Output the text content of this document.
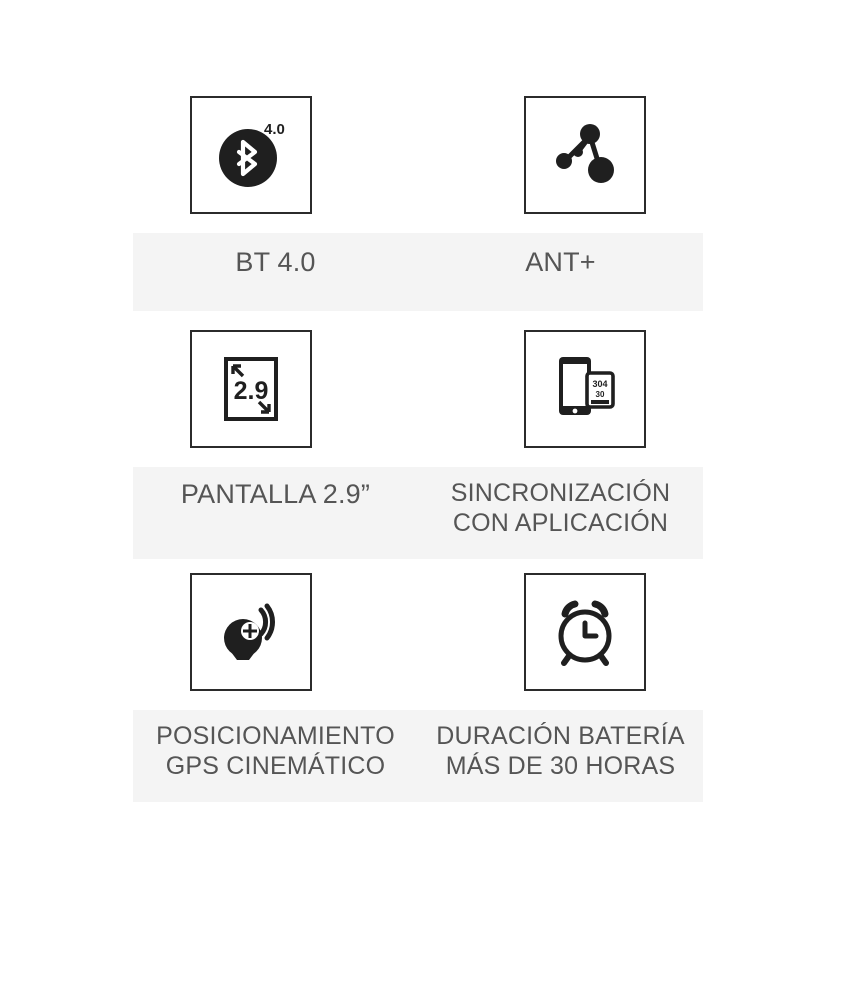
4.0
BT 4.0	ANT+
2.9	304
30
PANTALLA 2.9”	SINCRONIZACIÓN
CON APLICACIÓN
POSICIONAMIENTO
GPS CINEMÁTICO
DURACIÓN BATERÍA
MÁS DE 30 HORAS
